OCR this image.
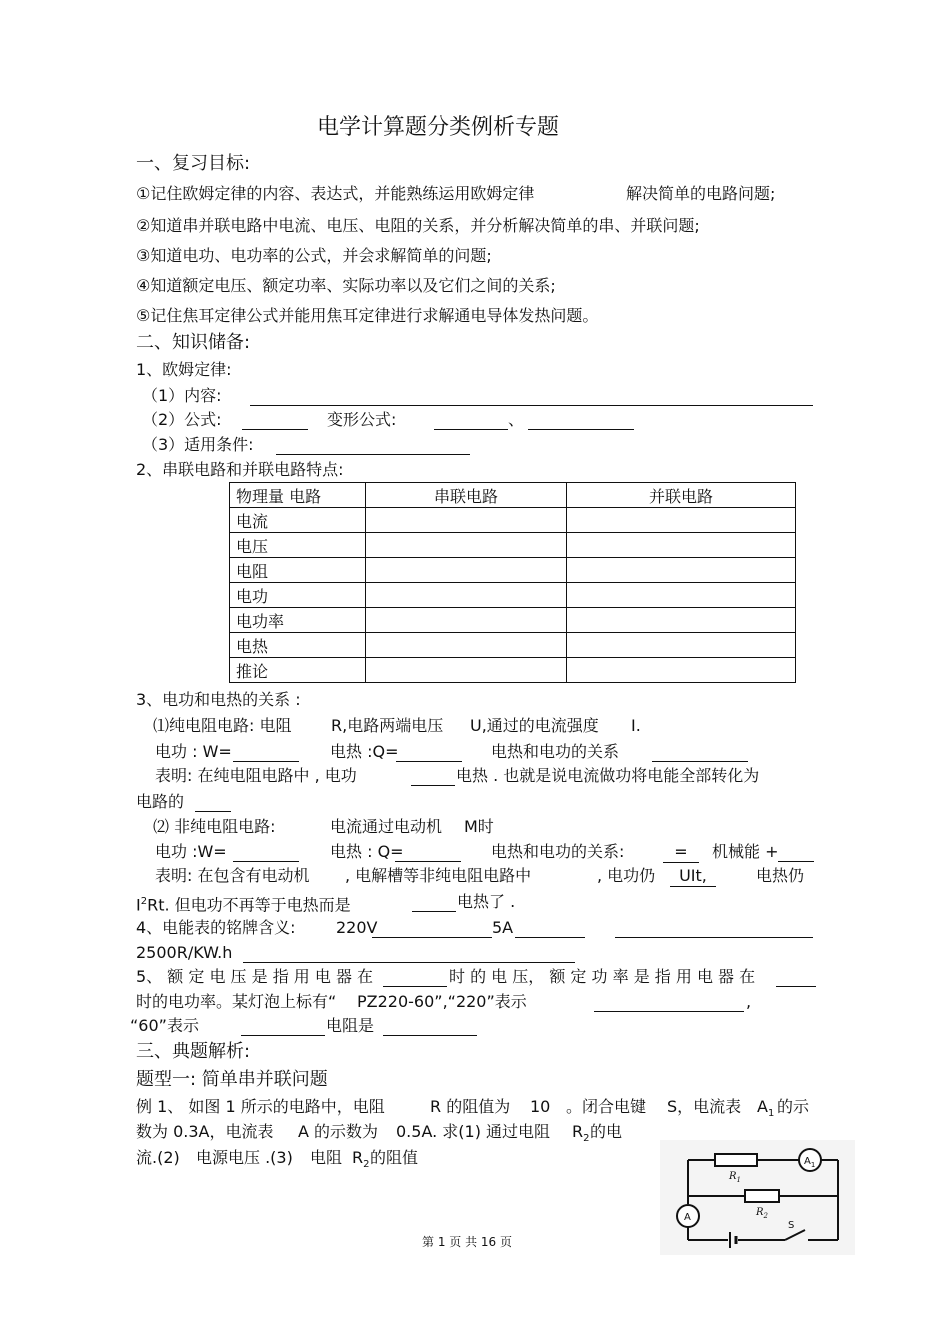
电学计算题分类例析专题
一、复习目标:
①记住欧姆定律的内容、表达式，并能熟练运用欧姆定律	解决简单的电路问题;
②知道串并联电路中电流、电压、电阻的关系，并分析解决简单的串、并联问题;
③知道电功、电功率的公式，并会求解简单的问题;
④知道额定电压、额定功率、实际功率以及它们之间的关系;
⑤记住焦耳定律公式并能用焦耳定律进行求解通电导体发热问题。
二、知识储备:
1、欧姆定律:
（1）内容:
（2）公式:	变形公式:	、
（3）适用条件:
2、串联电路和并联电路特点:
物理量 电路	串联电路	并联电路
电流		
电压		
电阻		
电功		
电功率		
电热		
推论		
3、电功和电热的关系 :
⑴纯电阻电路: 电阻 R,电路两端电压 U,通过的电流强度 I.
电功 : W=	电热 :Q=	电热和电功的关系
表明: 在纯电阻电路中 , 电功	电热 . 也就是说电流做功将电能全部转化为
电路的
⑵ 非纯电阻电路:	电流通过电动机 M时
电功 :W=	电热 : Q=	电热和电功的关系:	=	机械能 +
表明: 在包含有电动机 , 电解槽等非纯电阻电路中	, 电功仍	UIt,	电热仍
$I^2Rt$. 但电功不再等于电热而是	电热了 .
4、电能表的铭牌含义:	220V	5A
2500R/KW.h
5、 额 定 电 压 是 指 用 电 器 在	时 的 电 压， 额 定 功 率 是 指 用 电 器 在
时的电功率。某灯泡上标有“ PZ220-60”,“220”表示	,
“60”表示	电阻是
三、典题解析:
题型一: 简单串并联问题
例 1、 如图 1 所示的电路中，电阻	R 的阻值为 10 。闭合电键 S，电流表 $A_1$ 的示
数为 0.3A，电流表 A 的示数为 0.5A. 求(1) 通过电阻 $R_2$ 的电
流.(2) 电源电压 .(3) 电阻 $R_2$ 的阻值
$R_1$
$R_2$
$A_1$
A
S
第 1 页 共 16 页
